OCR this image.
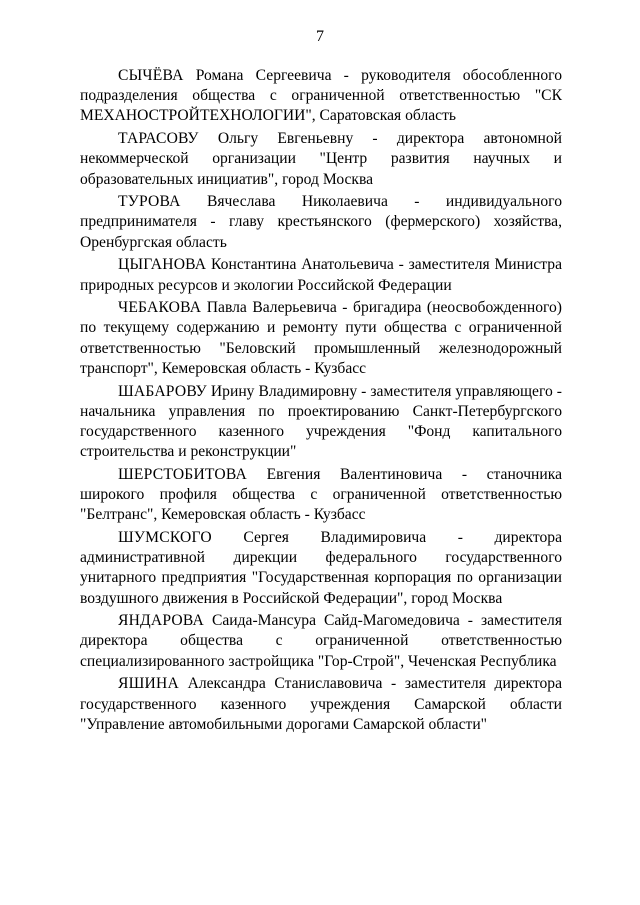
7

СЫЧЁВА Романа Сергеевича - руководителя обособленного подразделения общества с ограниченной ответственностью "СК МЕХАНОСТРОЙТЕХНОЛОГИИ", Саратовская область

ТАРАСОВУ Ольгу Евгеньевну - директора автономной некоммерческой организации "Центр развития научных и образовательных инициатив", город Москва

ТУРОВА Вячеслава Николаевича - индивидуального предпринимателя - главу крестьянского (фермерского) хозяйства, Оренбургская область

ЦЫГАНОВА Константина Анатольевича - заместителя Министра природных ресурсов и экологии Российской Федерации

ЧЕБАКОВА Павла Валерьевича - бригадира (неосвобожденного) по текущему содержанию и ремонту пути общества с ограниченной ответственностью "Беловский промышленный железнодорожный транспорт", Кемеровская область - Кузбасс

ШАБАРОВУ Ирину Владимировну - заместителя управляющего - начальника управления по проектированию Санкт-Петербургского государственного казенного учреждения "Фонд капитального строительства и реконструкции"

ШЕРСТОБИТОВА Евгения Валентиновича - станочника широкого профиля общества с ограниченной ответственностью "Белтранс", Кемеровская область - Кузбасс

ШУМСКОГО Сергея Владимировича - директора административной дирекции федерального государственного унитарного предприятия "Государственная корпорация по организации воздушного движения в Российской Федерации", город Москва

ЯНДАРОВА Саида-Мансура Сайд-Магомедовича - заместителя директора общества с ограниченной ответственностью специализированного застройщика "Гор-Строй", Чеченская Республика

ЯШИНА Александра Станиславовича - заместителя директора государственного казенного учреждения Самарской области "Управление автомобильными дорогами Самарской области"
